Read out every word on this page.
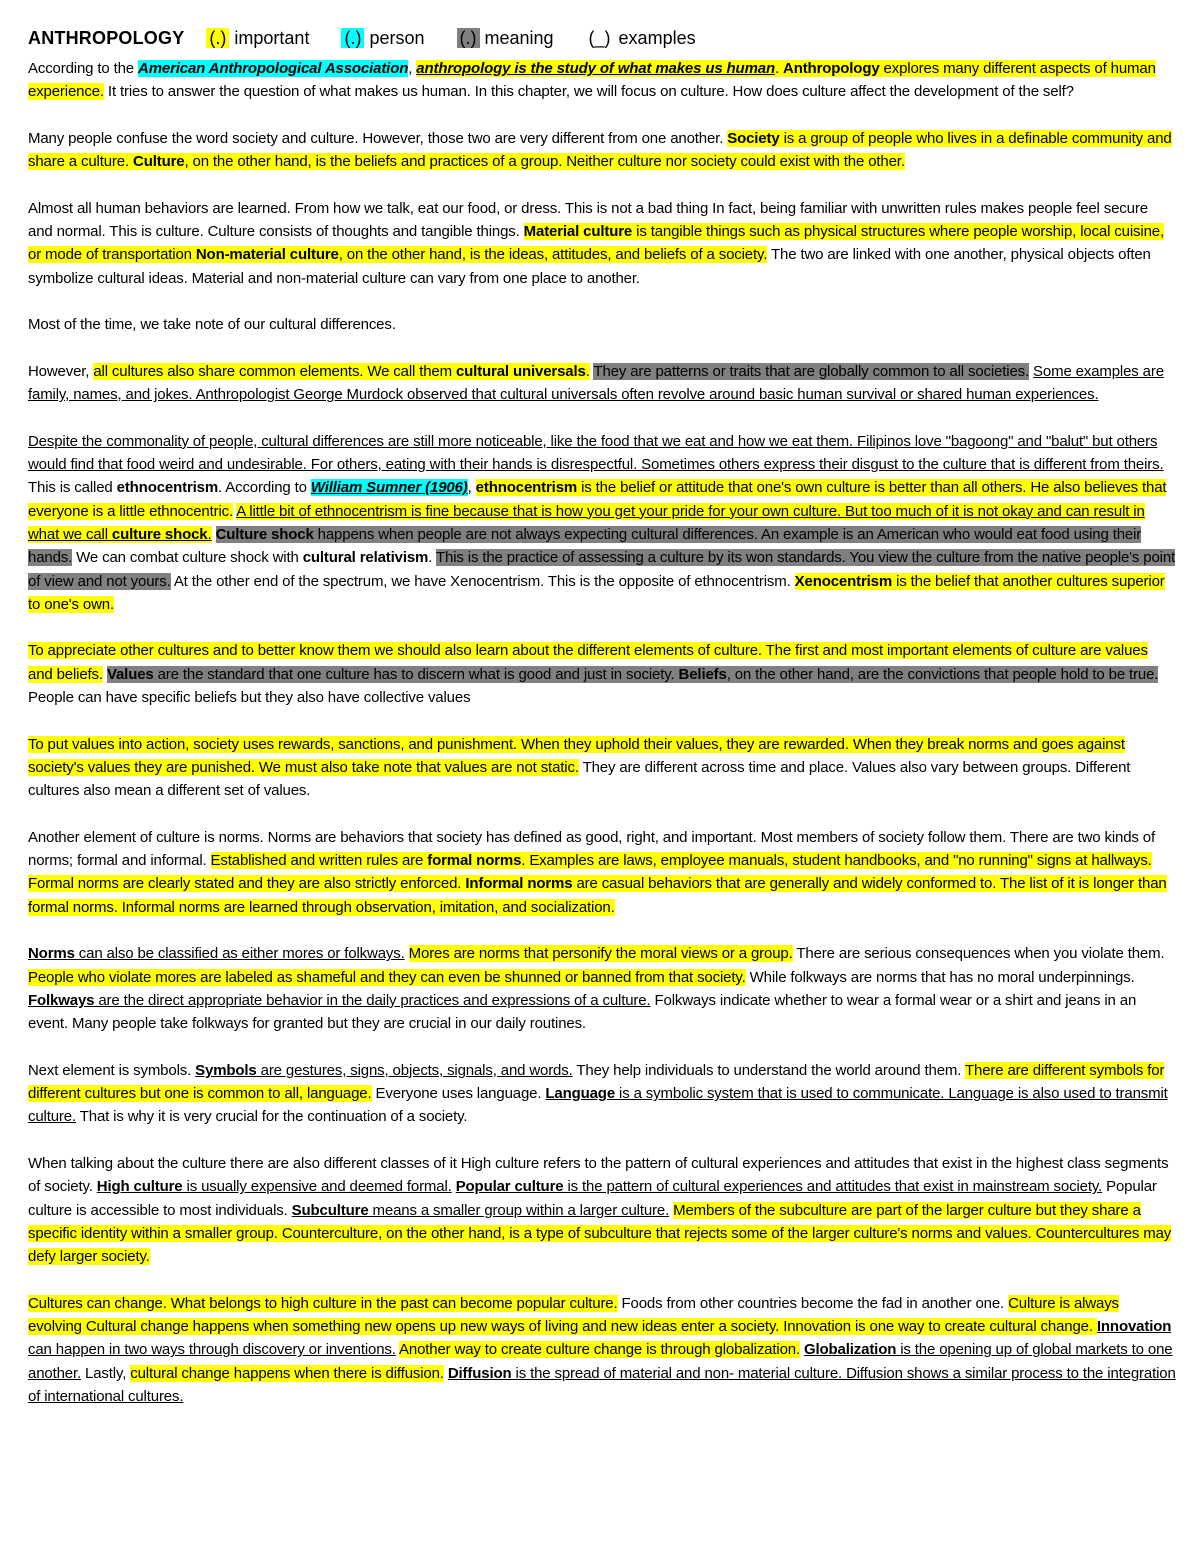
ANTHROPOLOGY (.) important (.) person (.) meaning (_) examples

According to the American Anthropological Association, anthropology is the study of what makes us human. Anthropology explores many different aspects of human experience. It tries to answer the question of what makes us human. In this chapter, we will focus on culture. How does culture affect the development of the self?

Many people confuse the word society and culture. However, those two are very different from one another. Society is a group of people who lives in a definable community and share a culture. Culture, on the other hand, is the beliefs and practices of a group. Neither culture nor society could exist with the other.

Almost all human behaviors are learned. From how we talk, eat our food, or dress. This is not a bad thing In fact, being familiar with unwritten rules makes people feel secure and normal. This is culture. Culture consists of thoughts and tangible things. Material culture is tangible things such as physical structures where people worship, local cuisine, or mode of transportation Non-material culture, on the other hand, is the ideas, attitudes, and beliefs of a society. The two are linked with one another, physical objects often symbolize cultural ideas. Material and non-material culture can vary from one place to another.

Most of the time, we take note of our cultural differences.

However, all cultures also share common elements. We call them cultural universals. They are patterns or traits that are globally common to all societies. Some examples are family, names, and jokes. Anthropologist George Murdock observed that cultural universals often revolve around basic human survival or shared human experiences.

Despite the commonality of people, cultural differences are still more noticeable, like the food that we eat and how we eat them. Filipinos love "bagoong" and "balut" but others would find that food weird and undesirable. For others, eating with their hands is disrespectful. Sometimes others express their disgust to the culture that is different from theirs. This is called ethnocentrism. According to William Sumner (1906), ethnocentrism is the belief or attitude that one's own culture is better than all others. He also believes that everyone is a little ethnocentric. A little bit of ethnocentrism is fine because that is how you get your pride for your own culture. But too much of it is not okay and can result in what we call culture shock. Culture shock happens when people are not always expecting cultural differences. An example is an American who would eat food using their hands. We can combat culture shock with cultural relativism. This is the practice of assessing a culture by its won standards. You view the culture from the native people's point of view and not yours. At the other end of the spectrum, we have Xenocentrism. This is the opposite of ethnocentrism. Xenocentrism is the belief that another cultures superior to one's own.

To appreciate other cultures and to better know them we should also learn about the different elements of culture. The first and most important elements of culture are values and beliefs. Values are the standard that one culture has to discern what is good and just in society. Beliefs, on the other hand, are the convictions that people hold to be true. People can have specific beliefs but they also have collective values

To put values into action, society uses rewards, sanctions, and punishment. When they uphold their values, they are rewarded. When they break norms and goes against society's values they are punished. We must also take note that values are not static. They are different across time and place. Values also vary between groups. Different cultures also mean a different set of values.

Another element of culture is norms. Norms are behaviors that society has defined as good, right, and important. Most members of society follow them. There are two kinds of norms; formal and informal. Established and written rules are formal norms. Examples are laws, employee manuals, student handbooks, and "no running" signs at hallways. Formal norms are clearly stated and they are also strictly enforced. Informal norms are casual behaviors that are generally and widely conformed to. The list of it is longer than formal norms. Informal norms are learned through observation, imitation, and socialization.

Norms can also be classified as either mores or folkways. Mores are norms that personify the moral views or a group. There are serious consequences when you violate them. People who violate mores are labeled as shameful and they can even be shunned or banned from that society. While folkways are norms that has no moral underpinnings. Folkways are the direct appropriate behavior in the daily practices and expressions of a culture. Folkways indicate whether to wear a formal wear or a shirt and jeans in an event. Many people take folkways for granted but they are crucial in our daily routines.

Next element is symbols. Symbols are gestures, signs, objects, signals, and words. They help individuals to understand the world around them. There are different symbols for different cultures but one is common to all, language. Everyone uses language. Language is a symbolic system that is used to communicate. Language is also used to transmit culture. That is why it is very crucial for the continuation of a society.

When talking about the culture there are also different classes of it High culture refers to the pattern of cultural experiences and attitudes that exist in the highest class segments of society. High culture is usually expensive and deemed formal. Popular culture is the pattern of cultural experiences and attitudes that exist in mainstream society. Popular culture is accessible to most individuals. Subculture means a smaller group within a larger culture. Members of the subculture are part of the larger culture but they share a specific identity within a smaller group. Counterculture, on the other hand, is a type of subculture that rejects some of the larger culture's norms and values. Countercultures may defy larger society.

Cultures can change. What belongs to high culture in the past can become popular culture. Foods from other countries become the fad in another one. Culture is always evolving Cultural change happens when something new opens up new ways of living and new ideas enter a society. Innovation is one way to create cultural change. Innovation can happen in two ways through discovery or inventions. Another way to create culture change is through globalization. Globalization is the opening up of global markets to one another. Lastly, cultural change happens when there is diffusion. Diffusion is the spread of material and non- material culture. Diffusion shows a similar process to the integration of international cultures.
